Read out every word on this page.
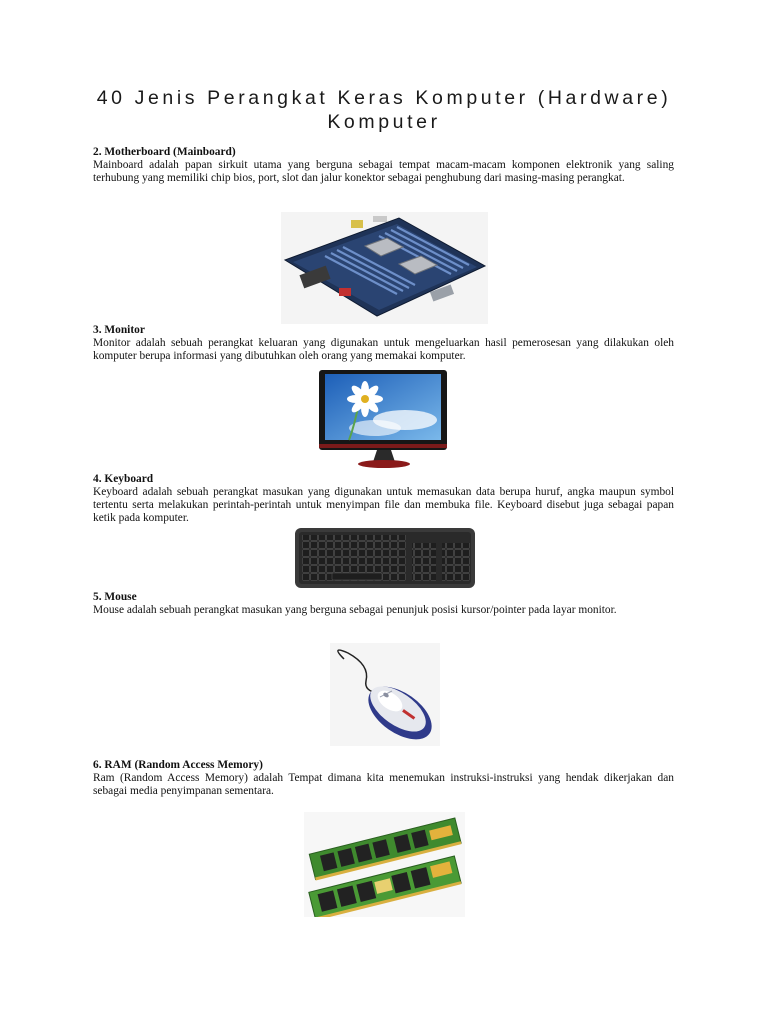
40 Jenis Perangkat Keras Komputer (Hardware)
Komputer
2. Motherboard (Mainboard)

Mainboard adalah papan sirkuit utama yang berguna sebagai tempat macam-macam komponen elektronik yang saling terhubung yang memiliki chip bios, port, slot dan jalur konektor sebagai penghubung dari masing-masing perangkat.

3. Monitor

Monitor adalah sebuah perangkat keluaran yang digunakan untuk mengeluarkan hasil pemerosesan yang dilakukan oleh komputer berupa informasi yang dibutuhkan oleh orang yang memakai komputer.

4. Keyboard

Keyboard adalah sebuah perangkat masukan yang digunakan untuk memasukan data berupa huruf, angka maupun symbol tertentu serta melakukan perintah-perintah untuk menyimpan file dan membuka file. Keyboard disebut juga sebagai papan ketik pada komputer.

5. Mouse

Mouse adalah sebuah perangkat masukan yang berguna sebagai penunjuk posisi kursor/pointer pada layar monitor.

6. RAM (Random Access Memory)

Ram (Random Access Memory) adalah Tempat dimana kita menemukan instruksi-instruksi yang hendak dikerjakan dan sebagai media penyimpanan sementara.
